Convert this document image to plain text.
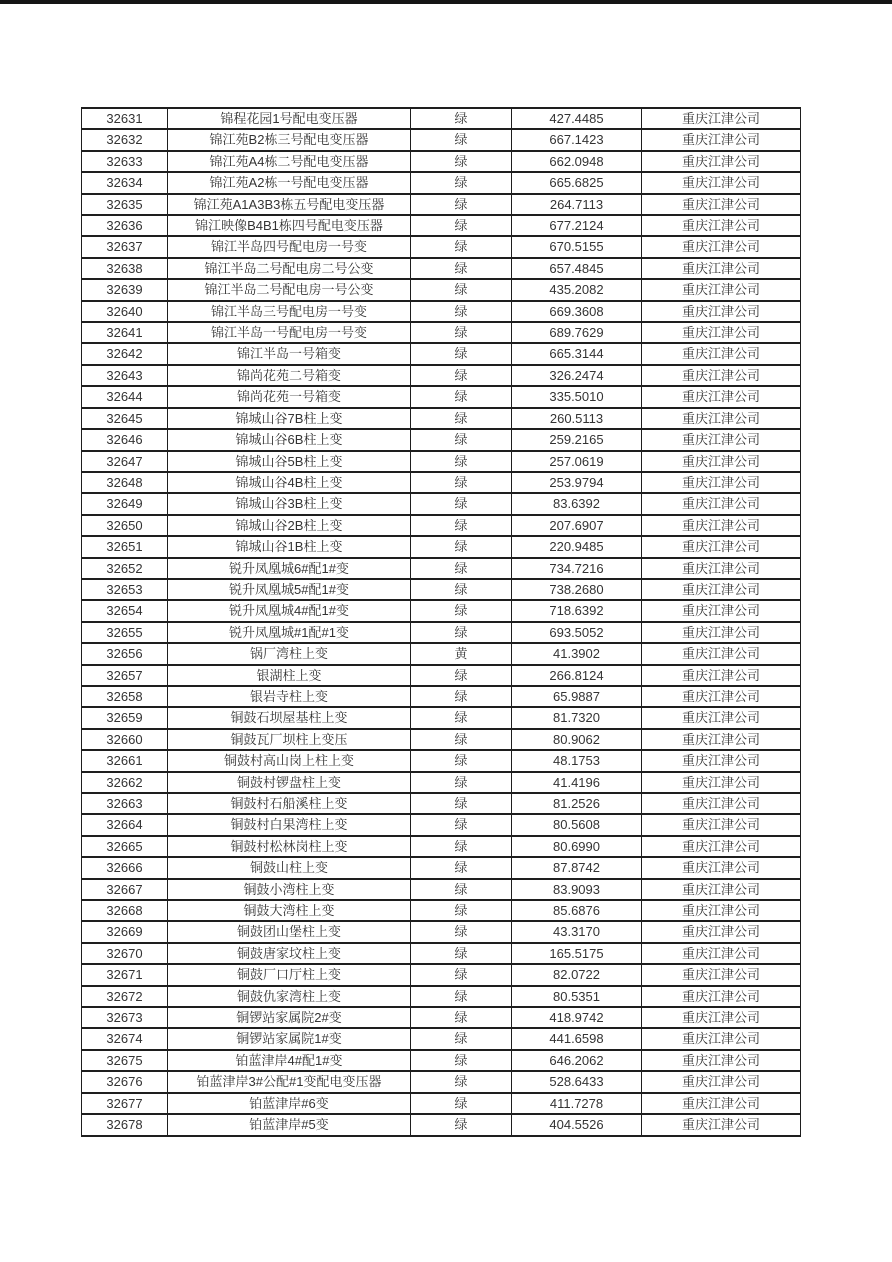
32631	锦程花园1号配电变压器	绿	427.4485	重庆江津公司
32632	锦江苑B2栋三号配电变压器	绿	667.1423	重庆江津公司
32633	锦江苑A4栋二号配电变压器	绿	662.0948	重庆江津公司
32634	锦江苑A2栋一号配电变压器	绿	665.6825	重庆江津公司
32635	锦江苑A1A3B3栋五号配电变压器	绿	264.7113	重庆江津公司
32636	锦江映像B4B1栋四号配电变压器	绿	677.2124	重庆江津公司
32637	锦江半岛四号配电房一号变	绿	670.5155	重庆江津公司
32638	锦江半岛二号配电房二号公变	绿	657.4845	重庆江津公司
32639	锦江半岛二号配电房一号公变	绿	435.2082	重庆江津公司
32640	锦江半岛三号配电房一号变	绿	669.3608	重庆江津公司
32641	锦江半岛一号配电房一号变	绿	689.7629	重庆江津公司
32642	锦江半岛一号箱变	绿	665.3144	重庆江津公司
32643	锦尚花苑二号箱变	绿	326.2474	重庆江津公司
32644	锦尚花苑一号箱变	绿	335.5010	重庆江津公司
32645	锦城山谷7B柱上变	绿	260.5113	重庆江津公司
32646	锦城山谷6B柱上变	绿	259.2165	重庆江津公司
32647	锦城山谷5B柱上变	绿	257.0619	重庆江津公司
32648	锦城山谷4B柱上变	绿	253.9794	重庆江津公司
32649	锦城山谷3B柱上变	绿	83.6392	重庆江津公司
32650	锦城山谷2B柱上变	绿	207.6907	重庆江津公司
32651	锦城山谷1B柱上变	绿	220.9485	重庆江津公司
32652	锐升凤凰城6#配1#变	绿	734.7216	重庆江津公司
32653	锐升凤凰城5#配1#变	绿	738.2680	重庆江津公司
32654	锐升凤凰城4#配1#变	绿	718.6392	重庆江津公司
32655	锐升凤凰城#1配#1变	绿	693.5052	重庆江津公司
32656	锅厂湾柱上变	黄	41.3902	重庆江津公司
32657	银湖柱上变	绿	266.8124	重庆江津公司
32658	银岩寺柱上变	绿	65.9887	重庆江津公司
32659	铜鼓石坝屋基柱上变	绿	81.7320	重庆江津公司
32660	铜鼓瓦厂坝柱上变压	绿	80.9062	重庆江津公司
32661	铜鼓村高山岗上柱上变	绿	48.1753	重庆江津公司
32662	铜鼓村锣盘柱上变	绿	41.4196	重庆江津公司
32663	铜鼓村石船溪柱上变	绿	81.2526	重庆江津公司
32664	铜鼓村白果湾柱上变	绿	80.5608	重庆江津公司
32665	铜鼓村松林岗柱上变	绿	80.6990	重庆江津公司
32666	铜鼓山柱上变	绿	87.8742	重庆江津公司
32667	铜鼓小湾柱上变	绿	83.9093	重庆江津公司
32668	铜鼓大湾柱上变	绿	85.6876	重庆江津公司
32669	铜鼓团山堡柱上变	绿	43.3170	重庆江津公司
32670	铜鼓唐家坟柱上变	绿	165.5175	重庆江津公司
32671	铜鼓厂口厅柱上变	绿	82.0722	重庆江津公司
32672	铜鼓仇家湾柱上变	绿	80.5351	重庆江津公司
32673	铜锣站家属院2#变	绿	418.9742	重庆江津公司
32674	铜锣站家属院1#变	绿	441.6598	重庆江津公司
32675	铂蓝津岸4#配1#变	绿	646.2062	重庆江津公司
32676	铂蓝津岸3#公配#1变配电变压器	绿	528.6433	重庆江津公司
32677	铂蓝津岸#6变	绿	411.7278	重庆江津公司
32678	铂蓝津岸#5变	绿	404.5526	重庆江津公司
